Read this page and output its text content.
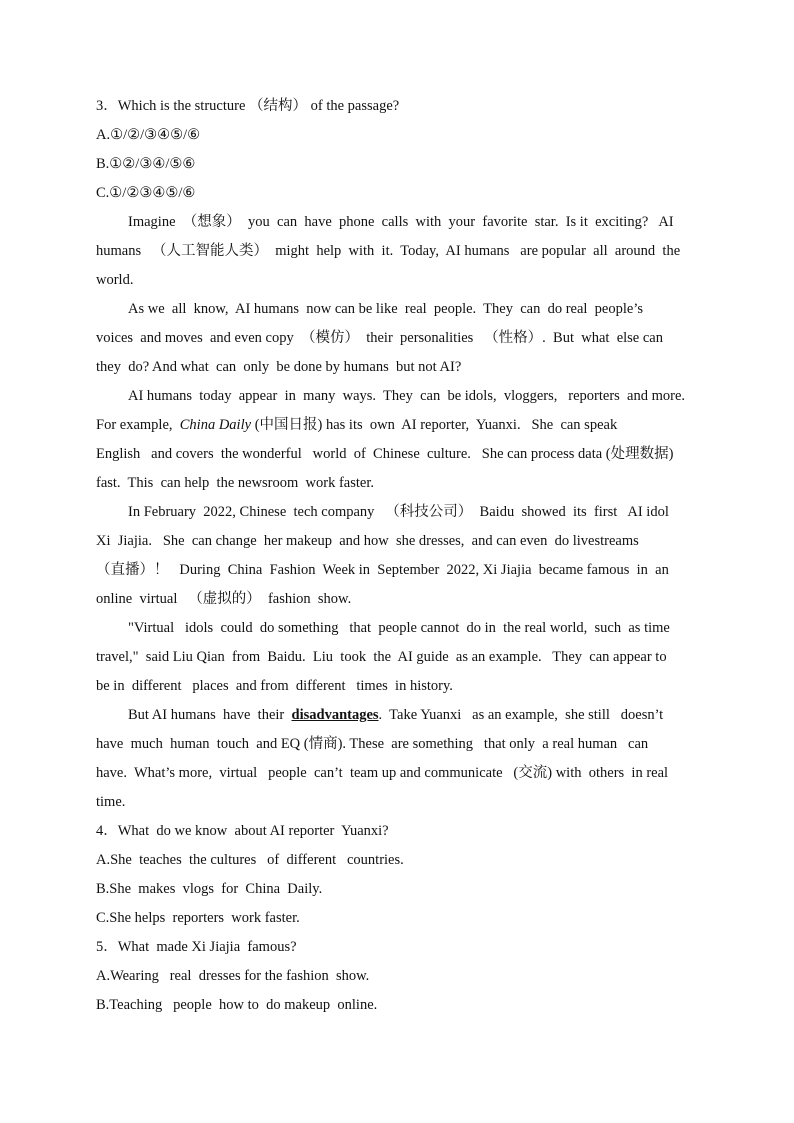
3．Which is the structure （结构） of the passage?
A.①/②/③④⑤/⑥
B.①②/③④/⑤⑥
C.①/②③④⑤/⑥
Imagine  （想象）  you  can  have  phone  calls  with  your  favorite  star.  Is it  exciting?   AI
humans   （人工智能人类）  might  help  with  it.  Today,  AI humans   are popular  all  around  the
world.
As we  all  know,  AI humans  now can be like  real  people.  They  can  do real  people’s
voices  and moves  and even copy  （模仿）  their  personalities   （性格）.  But  what  else can
they  do? And what  can  only  be done by humans  but not AI?
AI humans  today  appear  in  many  ways.  They  can  be idols,  vloggers,   reporters  and more.
For example,  China Daily (中国日报) has its  own  AI reporter,  Yuanxi.   She  can speak
English   and covers  the wonderful   world  of  Chinese  culture.   She can process data (处理数据)
fast.  This  can help  the newsroom  work faster.
In February  2022, Chinese  tech company   （科技公司）  Baidu  showed  its  first   AI idol
Xi  Jiajia.   She  can change  her makeup  and how  she dresses,  and can even  do livestreams
（直播）！   During  China  Fashion  Week in  September  2022, Xi Jiajia  became famous  in  an
online  virtual   （虚拟的）  fashion  show.
"Virtual   idols  could  do something   that  people cannot  do in  the real world,  such  as time
travel,"  said Liu Qian  from  Baidu.  Liu  took  the  AI guide  as an example.   They  can appear to
be in  different   places  and from  different   times  in history.
But AI humans  have  their  disadvantages.  Take Yuanxi   as an example,  she still   doesn’t
have  much  human  touch  and EQ (情商). These  are something   that only  a real human   can
have.  What’s more,  virtual   people  can’t  team up and communicate   (交流) with  others  in real
time.
4．What  do we know  about AI reporter  Yuanxi?
A.She  teaches  the cultures   of  different   countries.
B.She  makes  vlogs  for  China  Daily.
C.She helps  reporters  work faster.
5．What  made Xi Jiajia  famous?
A.Wearing   real  dresses for the fashion  show.
B.Teaching   people  how to  do makeup  online.
